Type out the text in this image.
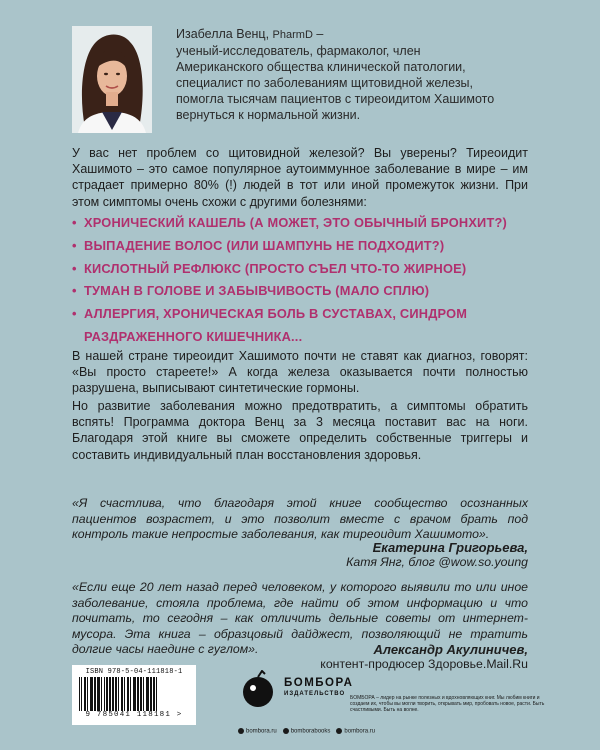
Изабелла Венц, PharmD –
ученый-исследователь, фармаколог, член
Американского общества клинической патологии,
специалист по заболеваниям щитовидной железы,
помогла тысячам пациентов с тиреоидитом Хашимото
вернуться к нормальной жизни.

У вас нет проблем со щитовидной железой? Вы уверены? Тиреоидит Хашимото – это самое популярное аутоиммунное заболевание в мире – им страдает примерно 80% (!) людей в тот или иной промежуток жизни. При этом симптомы очень схожи с другими болезнями:

• ХРОНИЧЕСКИЙ КАШЕЛЬ (А МОЖЕТ, ЭТО ОБЫЧНЫЙ БРОНХИТ?)
• ВЫПАДЕНИЕ ВОЛОС (ИЛИ ШАМПУНЬ НЕ ПОДХОДИТ?)
• КИСЛОТНЫЙ РЕФЛЮКС (ПРОСТО СЪЕЛ ЧТО-ТО ЖИРНОЕ)
• ТУМАН В ГОЛОВЕ И ЗАБЫВЧИВОСТЬ (МАЛО СПЛЮ)
• АЛЛЕРГИЯ, ХРОНИЧЕСКАЯ БОЛЬ В СУСТАВАХ, СИНДРОМ
РАЗДРАЖЕННОГО КИШЕЧНИКА...

В нашей стране тиреоидит Хашимото почти не ставят как диагноз, говорят: «Вы просто стареете!» А когда железа оказывается почти полностью разрушена, выписывают синтетические гормоны.

Но развитие заболевания можно предотвратить, а симптомы обратить вспять! Программа доктора Венц за 3 месяца поставит вас на ноги. Благодаря этой книге вы сможете определить собственные триггеры и составить индивидуальный план восстановления здоровья.

«Я счастлива, что благодаря этой книге сообщество осознанных пациентов возрастет, и это позволит вместе с врачом брать под контроль такие непростые заболевания, как тиреоидит Хашимото».

Екатерина Григорьева,
Катя Янг, блог @wow.so.young

«Если еще 20 лет назад перед человеком, у которого выявили то или иное заболевание, стояла проблема, где найти об этом информацию и что почитать, то сегодня – как отличить дельные советы от интернет-мусора. Эта книга – образцовый дайджест, позволяющий не тратить долгие часы наедине с гуглом».	Александр Акулиничев,
контент-продюсер Здоровье.Mail.Ru
ISBN 978-5-04-111818-1
9 785041 118181 >
БОМБОРА
ИЗДАТЕЛЬСТВО
БОМБОРА – лидер на рынке полезных и вдохновляющих книг. Мы любим книги и создаем их, чтобы вы могли творить, открывать мир, пробовать новое, расти. Быть счастливыми. Быть на волне.
bombora.ru	bomborabooks	bombora.ru
